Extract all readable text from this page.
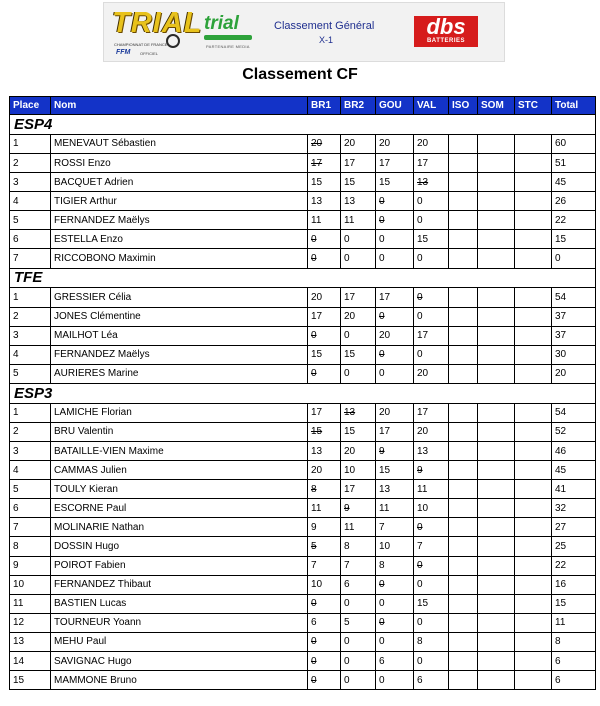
TRIAL
CHAMPIONNAT DE FRANCE
FFM OFFICIEL
trial
PARTENAIRE MEDIA
Classement Général
X-1
dbs
BATTERIES
Classement CF
Place	Nom	BR1	BR2	GOU	VAL	ISO	SOM	STC	Total
ESP4									
1	MENEVAUT Sébastien	20	20	20	20				60
2	ROSSI Enzo	17	17	17	17				51
3	BACQUET Adrien	15	15	15	13				45
4	TIGIER Arthur	13	13	0	0				26
5	FERNANDEZ Maëlys	11	11	0	0				22
6	ESTELLA Enzo	0	0	0	15				15
7	RICCOBONO Maximin	0	0	0	0				0
TFE									
1	GRESSIER Célia	20	17	17	0				54
2	JONES Clémentine	17	20	0	0				37
3	MAILHOT Léa	0	0	20	17				37
4	FERNANDEZ Maëlys	15	15	0	0				30
5	AURIERES Marine	0	0	0	20				20
ESP3									
1	LAMICHE Florian	17	13	20	17				54
2	BRU Valentin	15	15	17	20				52
3	BATAILLE-VIEN Maxime	13	20	9	13				46
4	CAMMAS Julien	20	10	15	9				45
5	TOULY Kieran	8	17	13	11				41
6	ESCORNE Paul	11	9	11	10				32
7	MOLINARIE Nathan	9	11	7	0				27
8	DOSSIN Hugo	5	8	10	7				25
9	POIROT Fabien	7	7	8	0				22
10	FERNANDEZ Thibaut	10	6	0	0				16
11	BASTIEN Lucas	0	0	0	15				15
12	TOURNEUR Yoann	6	5	0	0				11
13	MEHU Paul	0	0	0	8				8
14	SAVIGNAC Hugo	0	0	6	0				6
15	MAMMONE Bruno	0	0	0	6				6
